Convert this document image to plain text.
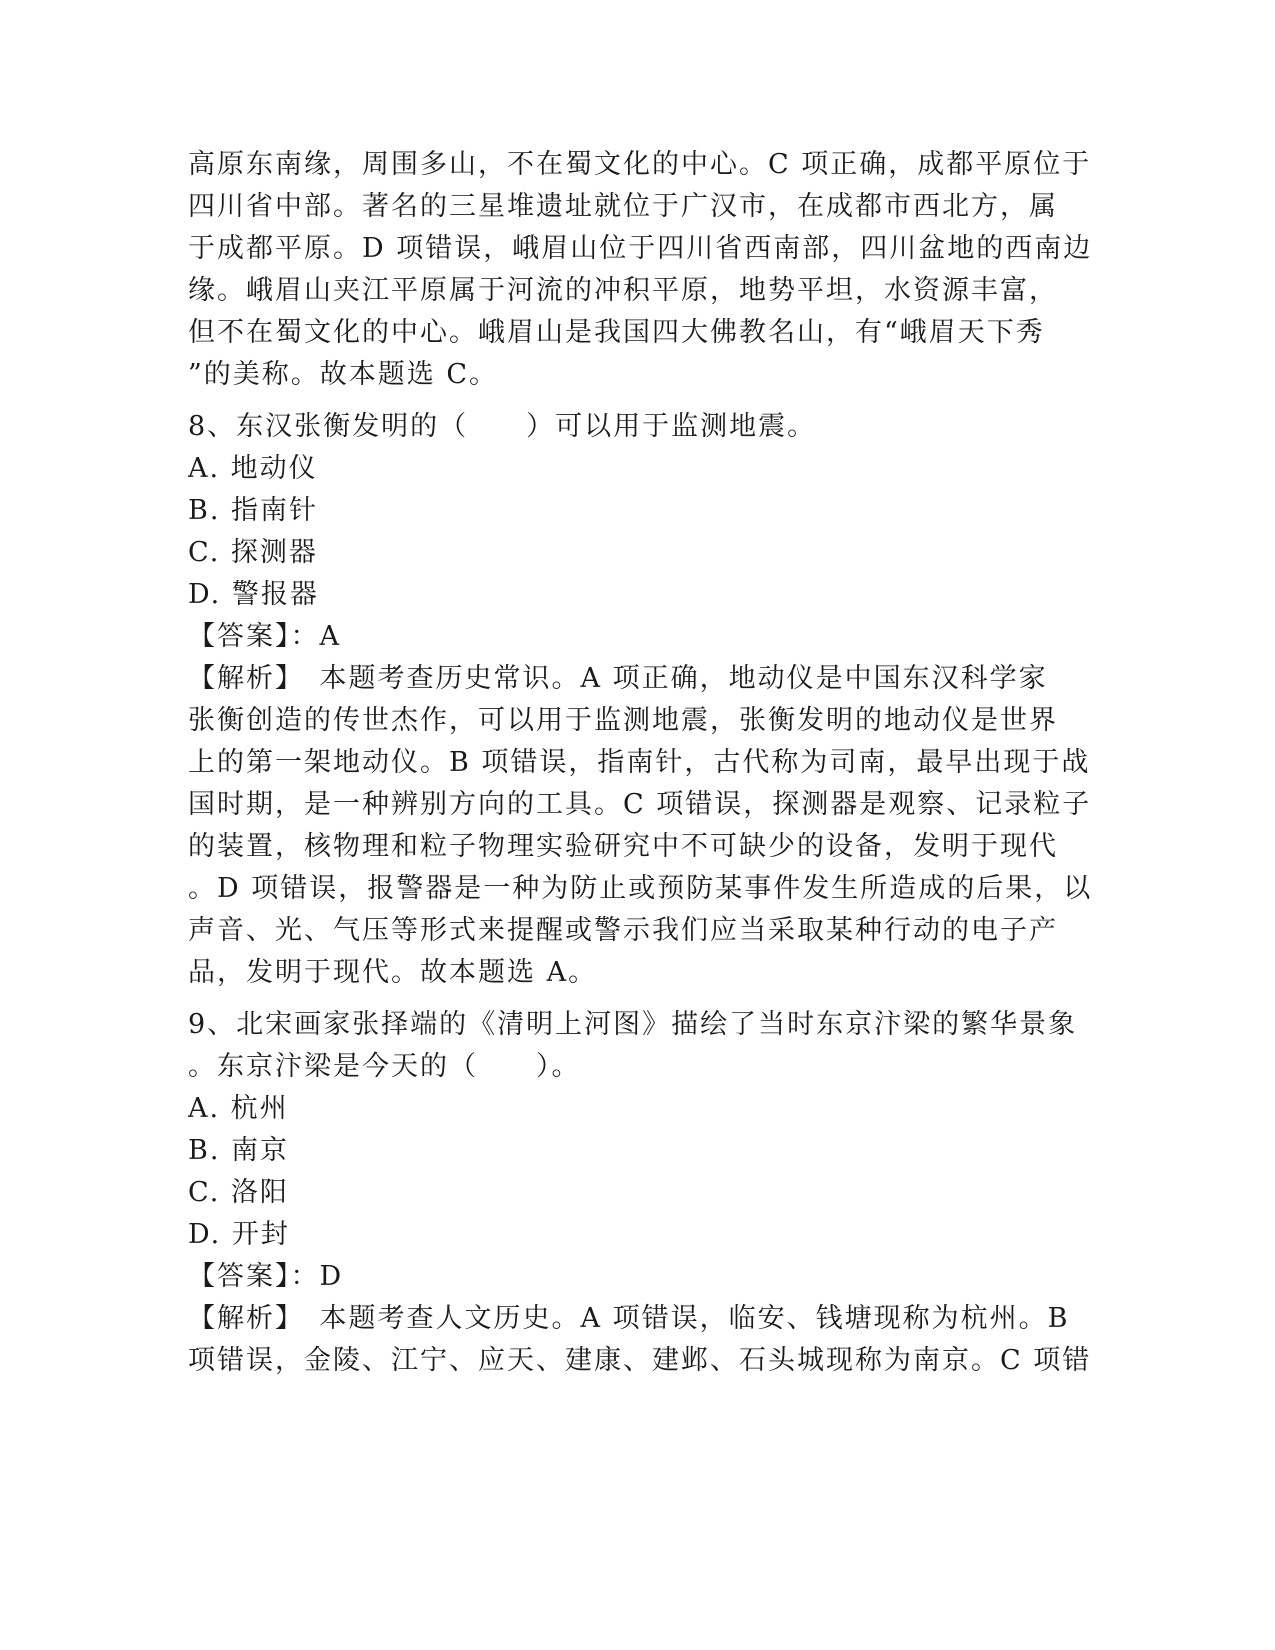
高原东南缘，周围多山，不在蜀文化的中心。C 项正确，成都平原位于
四川省中部。著名的三星堆遗址就位于广汉市，在成都市西北方，属
于成都平原。D 项错误，峨眉山位于四川省西南部，四川盆地的西南边
缘。峨眉山夹江平原属于河流的冲积平原，地势平坦，水资源丰富，
但不在蜀文化的中心。峨眉山是我国四大佛教名山，有“峨眉天下秀
”的美称。故本题选 C。
8、东汉张衡发明的（　　）可以用于监测地震。
A. 地动仪
B. 指南针
C. 探测器
D. 警报器
【答案】：A
【解析】　本题考查历史常识。A 项正确，地动仪是中国东汉科学家
张衡创造的传世杰作，可以用于监测地震，张衡发明的地动仪是世界
上的第一架地动仪。B 项错误，指南针，古代称为司南，最早出现于战
国时期，是一种辨别方向的工具。C 项错误，探测器是观察、记录粒子
的装置，核物理和粒子物理实验研究中不可缺少的设备，发明于现代
。D 项错误，报警器是一种为防止或预防某事件发生所造成的后果，以
声音、光、气压等形式来提醒或警示我们应当采取某种行动的电子产
品，发明于现代。故本题选 A。
9、北宋画家张择端的《清明上河图》描绘了当时东京汴梁的繁华景象
。东京汴梁是今天的（　　）。
A. 杭州
B. 南京
C. 洛阳
D. 开封
【答案】：D
【解析】　本题考查人文历史。A 项错误，临安、钱塘现称为杭州。B
项错误，金陵、江宁、应天、建康、建邺、石头城现称为南京。C 项错
